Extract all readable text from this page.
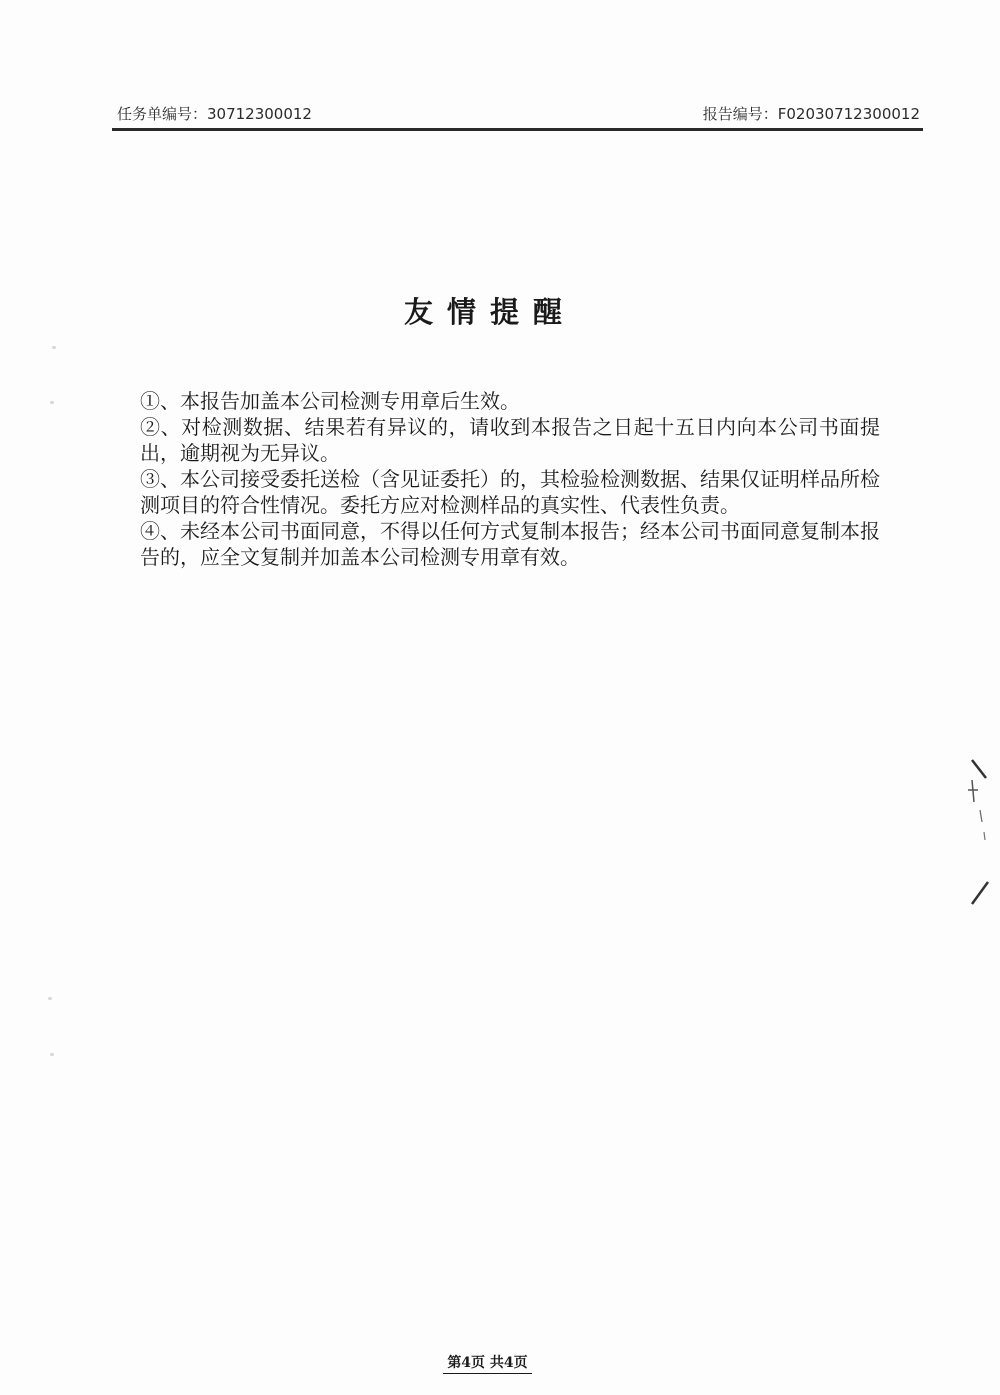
任务单编号：30712300012	报告编号：F02030712300012
友情提醒

①、本报告加盖本公司检测专用章后生效。

②、对检测数据、结果若有异议的，请收到本报告之日起十五日内向本公司书面提出，逾期视为无异议。

③、本公司接受委托送检（含见证委托）的，其检验检测数据、结果仅证明样品所检测项目的符合性情况。委托方应对检测样品的真实性、代表性负责。

④、未经本公司书面同意，不得以任何方式复制本报告；经本公司书面同意复制本报告的，应全文复制并加盖本公司检测专用章有效。

第4页 共4页
